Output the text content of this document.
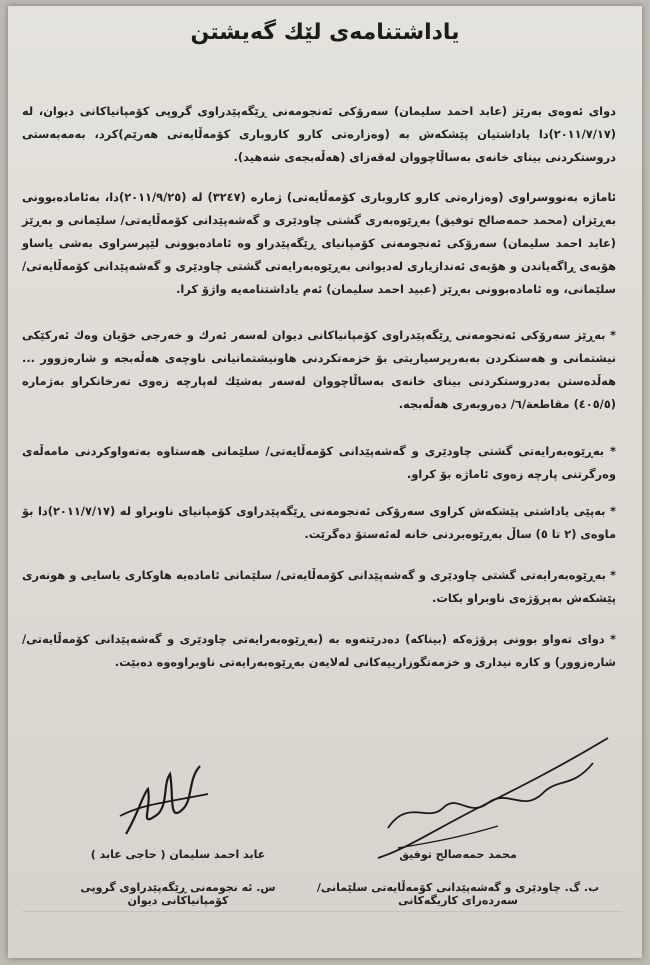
یاداشتنامەی لێك گەیشتن
دوای ئەوەی بەرێز (عابد احمد سلیمان) سەرۆكی ئەنجومەنی ڕێگەپێدراوی گروپی كۆمپانیاكانی دیوان، لە (٢٠١١/٧/١٧)دا یاداشتیان پێشكەش بە (وەزارەتی كارو كاروباری كۆمەڵایەتی هەرێم)كرد، بەمەبەستی دروستكردنی بینای خانەی بەساڵاچووان لەقەزای (هەڵەبجەی شەهید).
ئاماژە بەنووسراوی (وەزارەتی كارو كاروباری كۆمەڵایەتی) ژمارە (٣٢٤٧) لە (٢٠١١/٩/٢٥)دا، بەئامادەبوونی بەڕێزان (محمد حمەصالح توفیق) بەڕێوەبەری گشتی چاودێری و گەشەپێدانی كۆمەڵایەتی/ سلێمانی و بەڕێز (عابد احمد سلیمان) سەرۆكی ئەنجومەنی كۆمپانیای ڕێگەپێدراو وە ئامادەبوونی لێپرسراوی بەشی یاساو هۆبەی ڕاگەیاندن و هۆبەی ئەندازیاری لەدیوانی بەڕێوەبەرایەتی گشتی چاودێری و گەشەپێدانی كۆمەڵایەتی/سلێمانی، وە ئامادەبوونی بەڕێز (عبید احمد سلیمان) ئەم یاداشتنامەیە واژۆ كرا.
* بەڕێز سەرۆكی ئەنجومەنی ڕێگەپێدراوی كۆمپانیاكانی دیوان لەسەر ئەرك و خەرجی خۆیان وەك ئەركێكی نیشتمانی و هەستكردن بەبەرپرسیاریتی بۆ خزمەتكردنی هاونیشتمانیانی ناوچەی هەڵەبجە و شارەزوور ... هەڵدەستن بەدروستكردنی بینای خانەی بەساڵاچووان لەسەر بەشێك لەپارچە زەوی تەرخانكراو بەژمارە (٤٠٥/٥) مقاطعة/٦/ دەروبەری هەڵەبجە.
* بەڕێوەبەرایەتی گشتی چاودێری و گەشەپێدانی كۆمەڵایەتی/ سلێمانی هەستاوە بەتەواوكردنی مامەڵەی وەرگرتنی پارچە زەوی ئاماژە بۆ كراو.
* بەپێی یاداشتی پێشكەش كراوی سەرۆكی ئەنجومەنی ڕێگەپێدراوی كۆمپانیای ناوبراو لە (٢٠١١/٧/١٧)دا بۆ ماوەی (٢ تا ٥) ساڵ بەڕێوەبردنی خانە لەئەستۆ دەگرێت.
* بەڕێوەبەرایەتی گشتی چاودێری و گەشەپێدانی كۆمەڵایەتی/ سلێمانی ئامادەیە هاوكاری یاسایی و هونەری پێشكەش بەپرۆژەی ناوبراو بكات.
* دوای تەواو بوونی پرۆژەكە (بیناكە) دەدرێتەوە بە (بەڕێوەبەرایەتی چاودێری و گەشەپێدانی كۆمەڵایەتی/ شارەزوور) و كارە نیداری و خزمەتگوزارییەكانی لەلایەن بەڕێوەبەرایەتی ناوبراوەوە دەبێت.
عابد احمد سلیمان ( حاجی عابد )
س. ئە نجومەنی ڕێگەپێدراوی گروپی كۆمپانیاكانی دیوان
محمد حمەصالح توفیق
ب. گ. چاودێری و گەشەپێدانی كۆمەڵایەتی سلێمانی/ سەردەرای كاریگەکانی
